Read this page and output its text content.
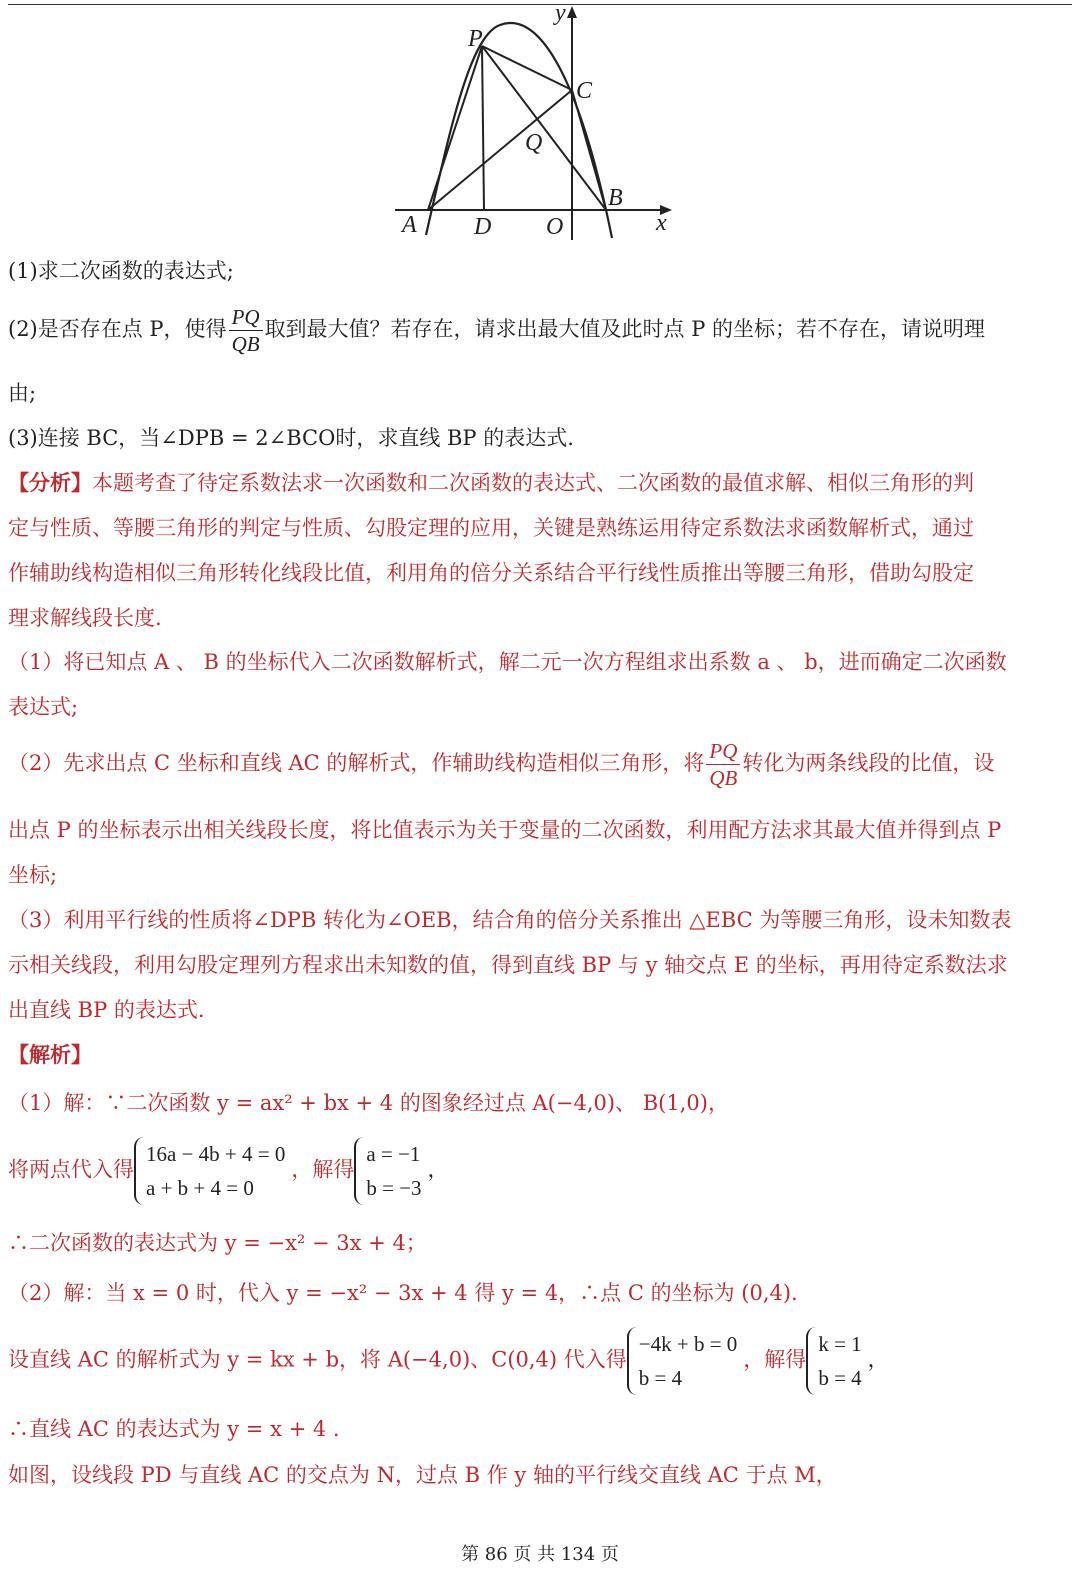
y
x
P
C
Q
B
A D O
(1)求二次函数的表达式;
(2)是否存在点 P，使得 $\frac{PQ}{QB}$ 取到最大值？若存在，请求出最大值及此时点 P 的坐标；若不存在，请说明理
由;
(3)连接 BC，当∠DPB = 2∠BCO时，求直线 BP 的表达式.
【分析】本题考查了待定系数法求一次函数和二次函数的表达式、二次函数的最值求解、相似三角形的判
定与性质、等腰三角形的判定与性质、勾股定理的应用，关键是熟练运用待定系数法求函数解析式，通过
作辅助线构造相似三角形转化线段比值，利用角的倍分关系结合平行线性质推出等腰三角形，借助勾股定
理求解线段长度.
（1）将已知点 A 、 B 的坐标代入二次函数解析式，解二元一次方程组求出系数 a 、 b，进而确定二次函数
表达式;
（2）先求出点 C 坐标和直线 AC 的解析式，作辅助线构造相似三角形，将 $\frac{PQ}{QB}$ 转化为两条线段的比值，设
出点 P 的坐标表示出相关线段长度，将比值表示为关于变量的二次函数，利用配方法求其最大值并得到点 P
坐标;
（3）利用平行线的性质将∠DPB 转化为∠OEB，结合角的倍分关系推出 △EBC 为等腰三角形，设未知数表
示相关线段，利用勾股定理列方程求出未知数的值，得到直线 BP 与 y 轴交点 E 的坐标，再用待定系数法求
出直线 BP 的表达式.
【解析】
（1）解：∵二次函数 y = ax² + bx + 4 的图象经过点 A(−4,0)、 B(1,0)，
将两点代入得
16a − 4b + 4 = 0
a + b + 4 = 0
，解得
a = −1
b = −3
，
∴二次函数的表达式为 y = −x² − 3x + 4；
（2）解：当 x = 0 时，代入 y = −x² − 3x + 4 得 y = 4，∴点 C 的坐标为 (0,4).
设直线 AC 的解析式为 y = kx + b，将 A(−4,0)、C(0,4) 代入得
−4k + b = 0
b = 4
，解得
k = 1
b = 4
，
∴直线 AC 的表达式为 y = x + 4 .
如图，设线段 PD 与直线 AC 的交点为 N，过点 B 作 y 轴的平行线交直线 AC 于点 M，
第 86 页 共 134 页
